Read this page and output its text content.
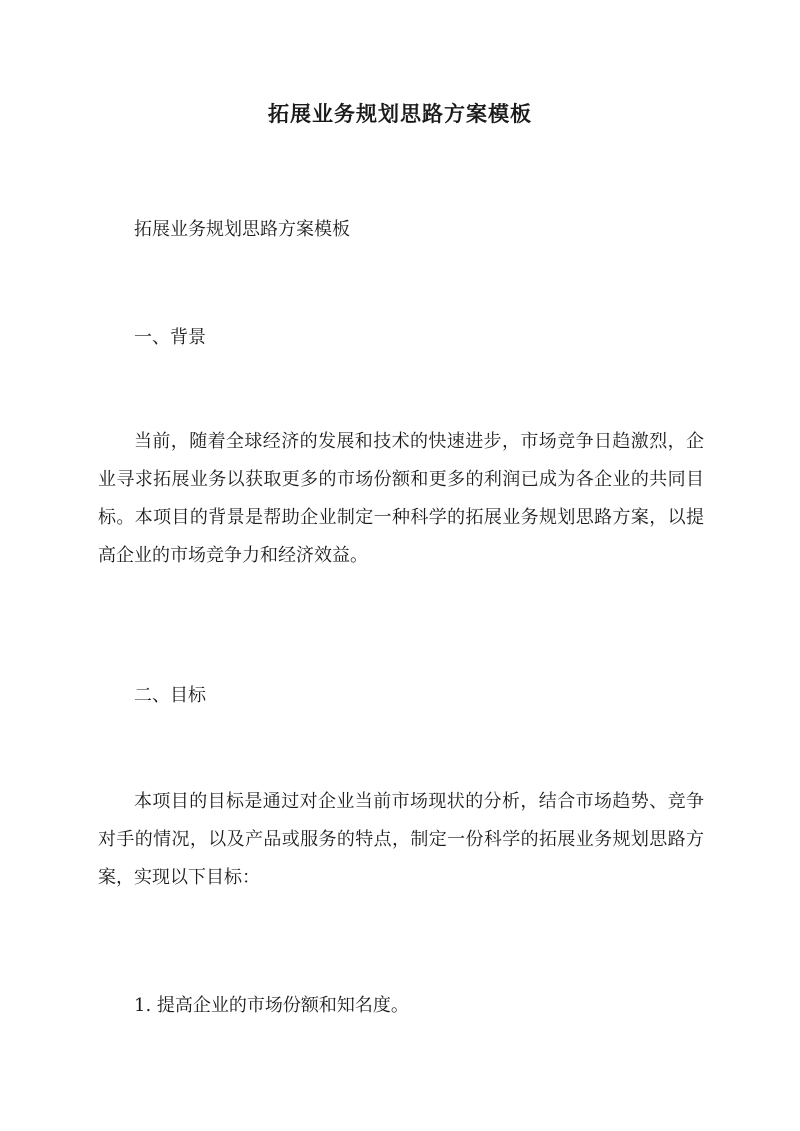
拓展业务规划思路方案模板

拓展业务规划思路方案模板

一、背景

当前，随着全球经济的发展和技术的快速进步，市场竞争日趋激烈，企业寻求拓展业务以获取更多的市场份额和更多的利润已成为各企业的共同目标。本项目的背景是帮助企业制定一种科学的拓展业务规划思路方案，以提高企业的市场竞争力和经济效益。

二、目标

本项目的目标是通过对企业当前市场现状的分析，结合市场趋势、竞争对手的情况，以及产品或服务的特点，制定一份科学的拓展业务规划思路方案，实现以下目标：

1. 提高企业的市场份额和知名度。
